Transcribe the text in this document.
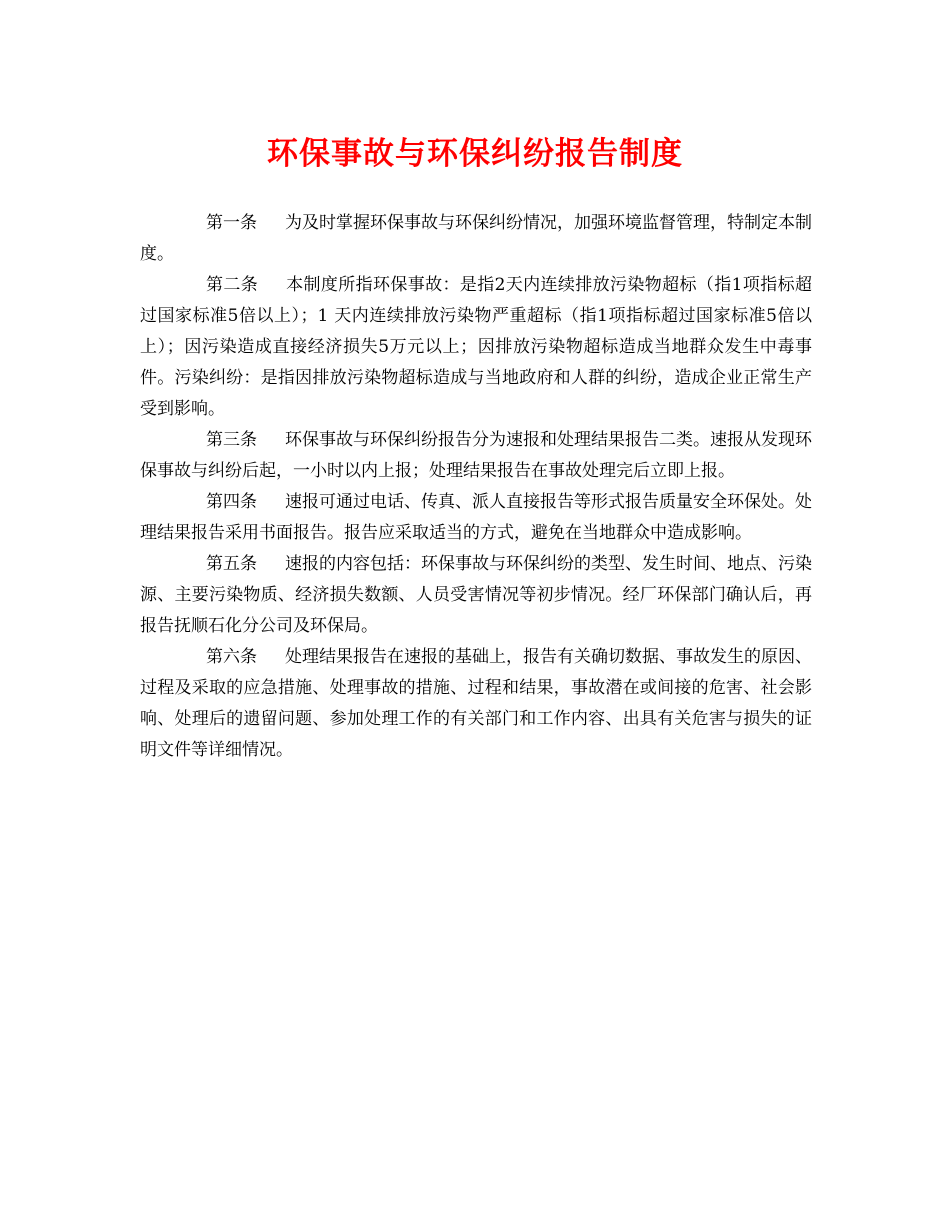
环保事故与环保纠纷报告制度

第一条 为及时掌握环保事故与环保纠纷情况，加强环境监督管理，特制定本制度。

第二条 本制度所指环保事故：是指2天内连续排放污染物超标（指1项指标超过国家标准5倍以上）；1 天内连续排放污染物严重超标（指1项指标超过国家标准5倍以上）；因污染造成直接经济损失5万元以上；因排放污染物超标造成当地群众发生中毒事件。污染纠纷：是指因排放污染物超标造成与当地政府和人群的纠纷，造成企业正常生产受到影响。

第三条 环保事故与环保纠纷报告分为速报和处理结果报告二类。速报从发现环保事故与纠纷后起，一小时以内上报；处理结果报告在事故处理完后立即上报。

第四条 速报可通过电话、传真、派人直接报告等形式报告质量安全环保处。处理结果报告采用书面报告。报告应采取适当的方式，避免在当地群众中造成影响。

第五条 速报的内容包括：环保事故与环保纠纷的类型、发生时间、地点、污染源、主要污染物质、经济损失数额、人员受害情况等初步情况。经厂环保部门确认后，再报告抚顺石化分公司及环保局。

第六条 处理结果报告在速报的基础上，报告有关确切数据、事故发生的原因、过程及采取的应急措施、处理事故的措施、过程和结果，事故潜在或间接的危害、社会影响、处理后的遗留问题、参加处理工作的有关部门和工作内容、出具有关危害与损失的证明文件等详细情况。
